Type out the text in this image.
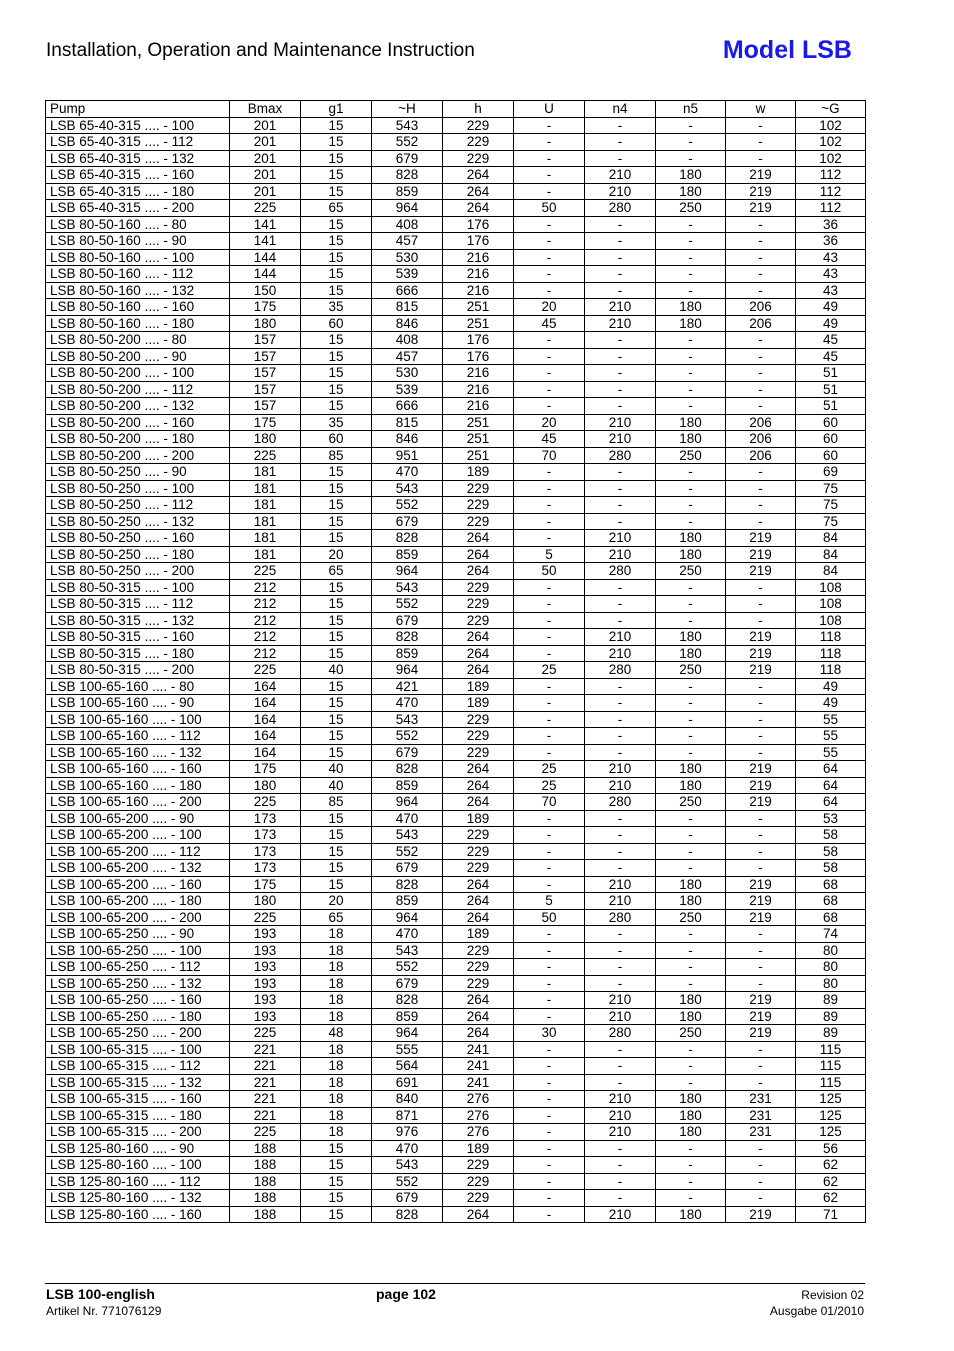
Installation, Operation and Maintenance Instruction	Model LSB
Pump	Bmax	g1	~H	h	U	n4	n5	w	~G
LSB 65-40-315 .... - 100	201	15	543	229	-	-	-	-	102
LSB 65-40-315 .... - 112	201	15	552	229	-	-	-	-	102
LSB 65-40-315 .... - 132	201	15	679	229	-	-	-	-	102
LSB 65-40-315 .... - 160	201	15	828	264	-	210	180	219	112
LSB 65-40-315 .... - 180	201	15	859	264	-	210	180	219	112
LSB 65-40-315 .... - 200	225	65	964	264	50	280	250	219	112
LSB 80-50-160 .... - 80	141	15	408	176	-	-	-	-	36
LSB 80-50-160 .... - 90	141	15	457	176	-	-	-	-	36
LSB 80-50-160 .... - 100	144	15	530	216	-	-	-	-	43
LSB 80-50-160 .... - 112	144	15	539	216	-	-	-	-	43
LSB 80-50-160 .... - 132	150	15	666	216	-	-	-	-	43
LSB 80-50-160 .... - 160	175	35	815	251	20	210	180	206	49
LSB 80-50-160 .... - 180	180	60	846	251	45	210	180	206	49
LSB 80-50-200 .... - 80	157	15	408	176	-	-	-	-	45
LSB 80-50-200 .... - 90	157	15	457	176	-	-	-	-	45
LSB 80-50-200 .... - 100	157	15	530	216	-	-	-	-	51
LSB 80-50-200 .... - 112	157	15	539	216	-	-	-	-	51
LSB 80-50-200 .... - 132	157	15	666	216	-	-	-	-	51
LSB 80-50-200 .... - 160	175	35	815	251	20	210	180	206	60
LSB 80-50-200 .... - 180	180	60	846	251	45	210	180	206	60
LSB 80-50-200 .... - 200	225	85	951	251	70	280	250	206	60
LSB 80-50-250 .... - 90	181	15	470	189	-	-	-	-	69
LSB 80-50-250 .... - 100	181	15	543	229	-	-	-	-	75
LSB 80-50-250 .... - 112	181	15	552	229	-	-	-	-	75
LSB 80-50-250 .... - 132	181	15	679	229	-	-	-	-	75
LSB 80-50-250 .... - 160	181	15	828	264	-	210	180	219	84
LSB 80-50-250 .... - 180	181	20	859	264	5	210	180	219	84
LSB 80-50-250 .... - 200	225	65	964	264	50	280	250	219	84
LSB 80-50-315 .... - 100	212	15	543	229	-	-	-	-	108
LSB 80-50-315 .... - 112	212	15	552	229	-	-	-	-	108
LSB 80-50-315 .... - 132	212	15	679	229	-	-	-	-	108
LSB 80-50-315 .... - 160	212	15	828	264	-	210	180	219	118
LSB 80-50-315 .... - 180	212	15	859	264	-	210	180	219	118
LSB 80-50-315 .... - 200	225	40	964	264	25	280	250	219	118
LSB 100-65-160 .... - 80	164	15	421	189	-	-	-	-	49
LSB 100-65-160 .... - 90	164	15	470	189	-	-	-	-	49
LSB 100-65-160 .... - 100	164	15	543	229	-	-	-	-	55
LSB 100-65-160 .... - 112	164	15	552	229	-	-	-	-	55
LSB 100-65-160 .... - 132	164	15	679	229	-	-	-	-	55
LSB 100-65-160 .... - 160	175	40	828	264	25	210	180	219	64
LSB 100-65-160 .... - 180	180	40	859	264	25	210	180	219	64
LSB 100-65-160 .... - 200	225	85	964	264	70	280	250	219	64
LSB 100-65-200 .... - 90	173	15	470	189	-	-	-	-	53
LSB 100-65-200 .... - 100	173	15	543	229	-	-	-	-	58
LSB 100-65-200 .... - 112	173	15	552	229	-	-	-	-	58
LSB 100-65-200 .... - 132	173	15	679	229	-	-	-	-	58
LSB 100-65-200 .... - 160	175	15	828	264	-	210	180	219	68
LSB 100-65-200 .... - 180	180	20	859	264	5	210	180	219	68
LSB 100-65-200 .... - 200	225	65	964	264	50	280	250	219	68
LSB 100-65-250 .... - 90	193	18	470	189	-	-	-	-	74
LSB 100-65-250 .... - 100	193	18	543	229	-	-	-	-	80
LSB 100-65-250 .... - 112	193	18	552	229	-	-	-	-	80
LSB 100-65-250 .... - 132	193	18	679	229	-	-	-	-	80
LSB 100-65-250 .... - 160	193	18	828	264	-	210	180	219	89
LSB 100-65-250 .... - 180	193	18	859	264	-	210	180	219	89
LSB 100-65-250 .... - 200	225	48	964	264	30	280	250	219	89
LSB 100-65-315 .... - 100	221	18	555	241	-	-	-	-	115
LSB 100-65-315 .... - 112	221	18	564	241	-	-	-	-	115
LSB 100-65-315 .... - 132	221	18	691	241	-	-	-	-	115
LSB 100-65-315 .... - 160	221	18	840	276	-	210	180	231	125
LSB 100-65-315 .... - 180	221	18	871	276	-	210	180	231	125
LSB 100-65-315 .... - 200	225	18	976	276	-	210	180	231	125
LSB 125-80-160 .... - 90	188	15	470	189	-	-	-	-	56
LSB 125-80-160 .... - 100	188	15	543	229	-	-	-	-	62
LSB 125-80-160 .... - 112	188	15	552	229	-	-	-	-	62
LSB 125-80-160 .... - 132	188	15	679	229	-	-	-	-	62
LSB 125-80-160 .... - 160	188	15	828	264	-	210	180	219	71
LSB 100-english
Artikel Nr. 771076129
page 102	Revision 02
Ausgabe 01/2010
